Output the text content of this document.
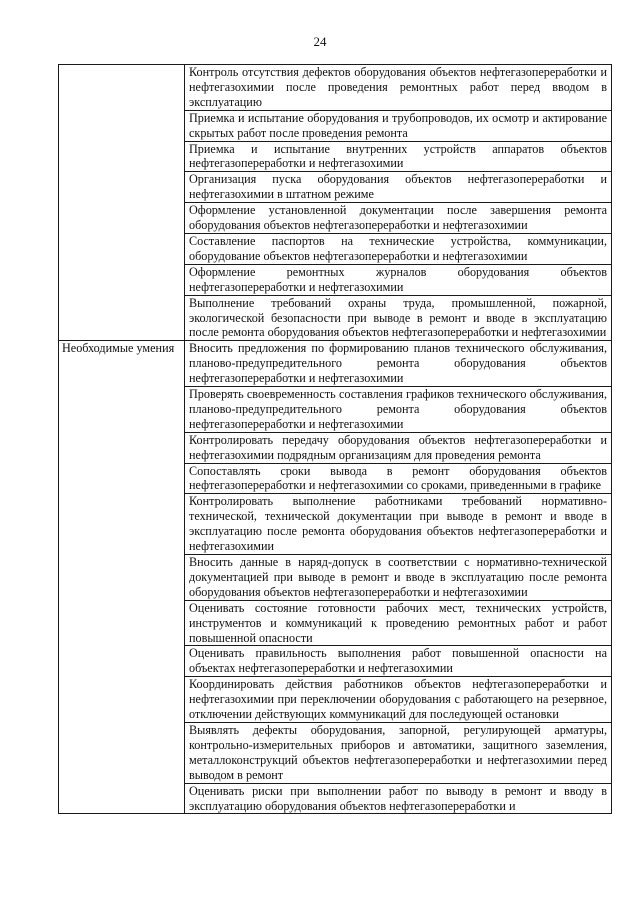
24
	Контроль отсутствия дефектов оборудования объектов нефтегазопереработки и нефтегазохимии после проведения ремонтных работ перед вводом в эксплуатацию
	Приемка и испытание оборудования и трубопроводов, их осмотр и актирование скрытых работ после проведения ремонта
	Приемка и испытание внутренних устройств аппаратов объектов нефтегазопереработки и нефтегазохимии
	Организация пуска оборудования объектов нефтегазопереработки и нефтегазохимии в штатном режиме
	Оформление установленной документации после завершения ремонта оборудования объектов нефтегазопереработки и нефтегазохимии
	Составление паспортов на технические устройства, коммуникации, оборудование объектов нефтегазопереработки и нефтегазохимии
	Оформление ремонтных журналов оборудования объектов нефтегазопереработки и нефтегазохимии
	Выполнение требований охраны труда, промышленной, пожарной, экологической безопасности при выводе в ремонт и вводе в эксплуатацию после ремонта оборудования объектов нефтегазопереработки и нефтегазохимии
Необходимые умения	Вносить предложения по формированию планов технического обслуживания, планово-предупредительного ремонта оборудования объектов нефтегазопереработки и нефтегазохимии
	Проверять своевременность составления графиков технического обслуживания, планово-предупредительного ремонта оборудования объектов нефтегазопереработки и нефтегазохимии
	Контролировать передачу оборудования объектов нефтегазопереработки и нефтегазохимии подрядным организациям для проведения ремонта
	Сопоставлять сроки вывода в ремонт оборудования объектов нефтегазопереработки и нефтегазохимии со сроками, приведенными в графике
	Контролировать выполнение работниками требований нормативно-технической, технической документации при выводе в ремонт и вводе в эксплуатацию после ремонта оборудования объектов нефтегазопереработки и нефтегазохимии
	Вносить данные в наряд-допуск в соответствии с нормативно-технической документацией при выводе в ремонт и вводе в эксплуатацию после ремонта оборудования объектов нефтегазопереработки и нефтегазохимии
	Оценивать состояние готовности рабочих мест, технических устройств, инструментов и коммуникаций к проведению ремонтных работ и работ повышенной опасности
	Оценивать правильность выполнения работ повышенной опасности на объектах нефтегазопереработки и нефтегазохимии
	Координировать действия работников объектов нефтегазопереработки и нефтегазохимии при переключении оборудования с работающего на резервное, отключении действующих коммуникаций для последующей остановки
	Выявлять дефекты оборудования, запорной, регулирующей арматуры, контрольно-измерительных приборов и автоматики, защитного заземления, металлоконструкций объектов нефтегазопереработки и нефтегазохимии перед выводом в ремонт
	Оценивать риски при выполнении работ по выводу в ремонт и вводу в эксплуатацию оборудования объектов нефтегазопереработки и
